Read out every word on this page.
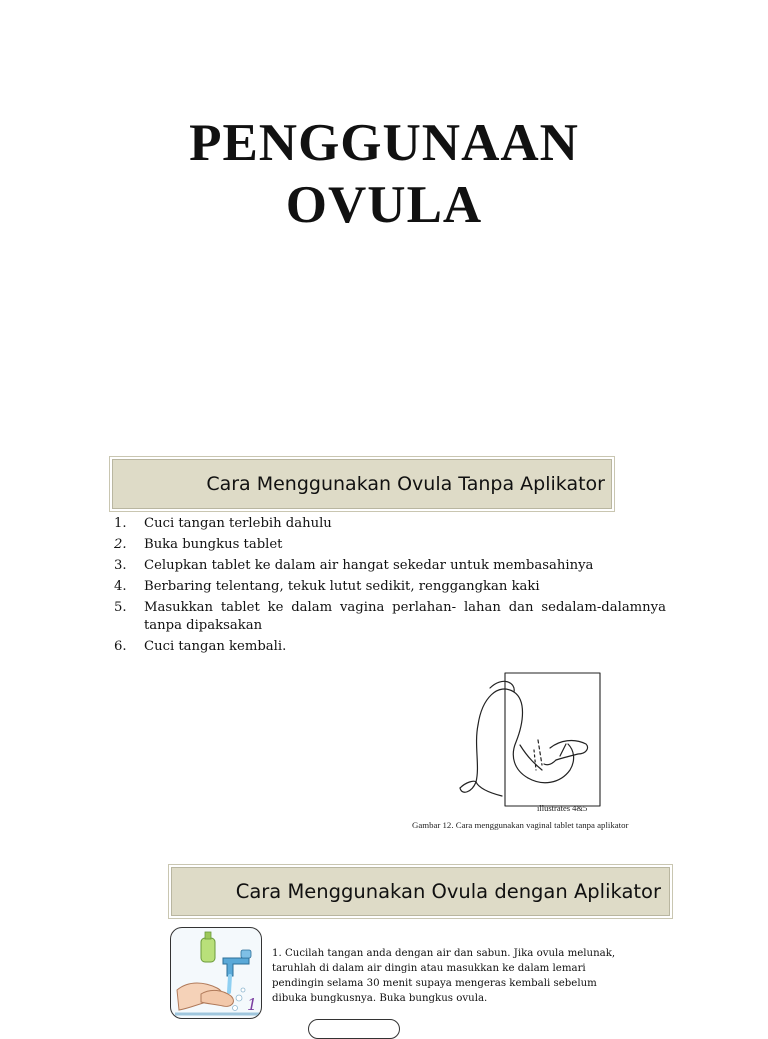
PENGGUNAAN
OVULA
Cara Menggunakan Ovula Tanpa Aplikator
1. Cuci tangan terlebih dahulu
2. Buka bungkus tablet
3. Celupkan tablet ke dalam air hangat sekedar untuk membasahinya
4. Berbaring telentang, tekuk lutut sedikit, renggangkan kaki
5. Masukkan tablet ke dalam vagina perlahan- lahan dan sedalam-dalamnya tanpa dipaksakan
6. Cuci tangan kembali.
illustrates 4&5
Gambar 12. Cara menggunakan vaginal tablet tanpa aplikator
Cara Menggunakan Ovula dengan Aplikator
1
1. Cucilah tangan anda dengan air dan sabun. Jika ovula melunak, taruhlah di dalam air dingin atau masukkan ke dalam lemari pendingin selama 30 menit supaya mengeras kembali sebelum dibuka bungkusnya. Buka bungkus ovula.
